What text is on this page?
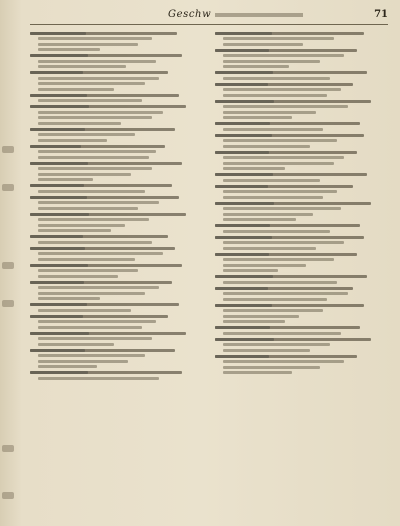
Geschw	71
